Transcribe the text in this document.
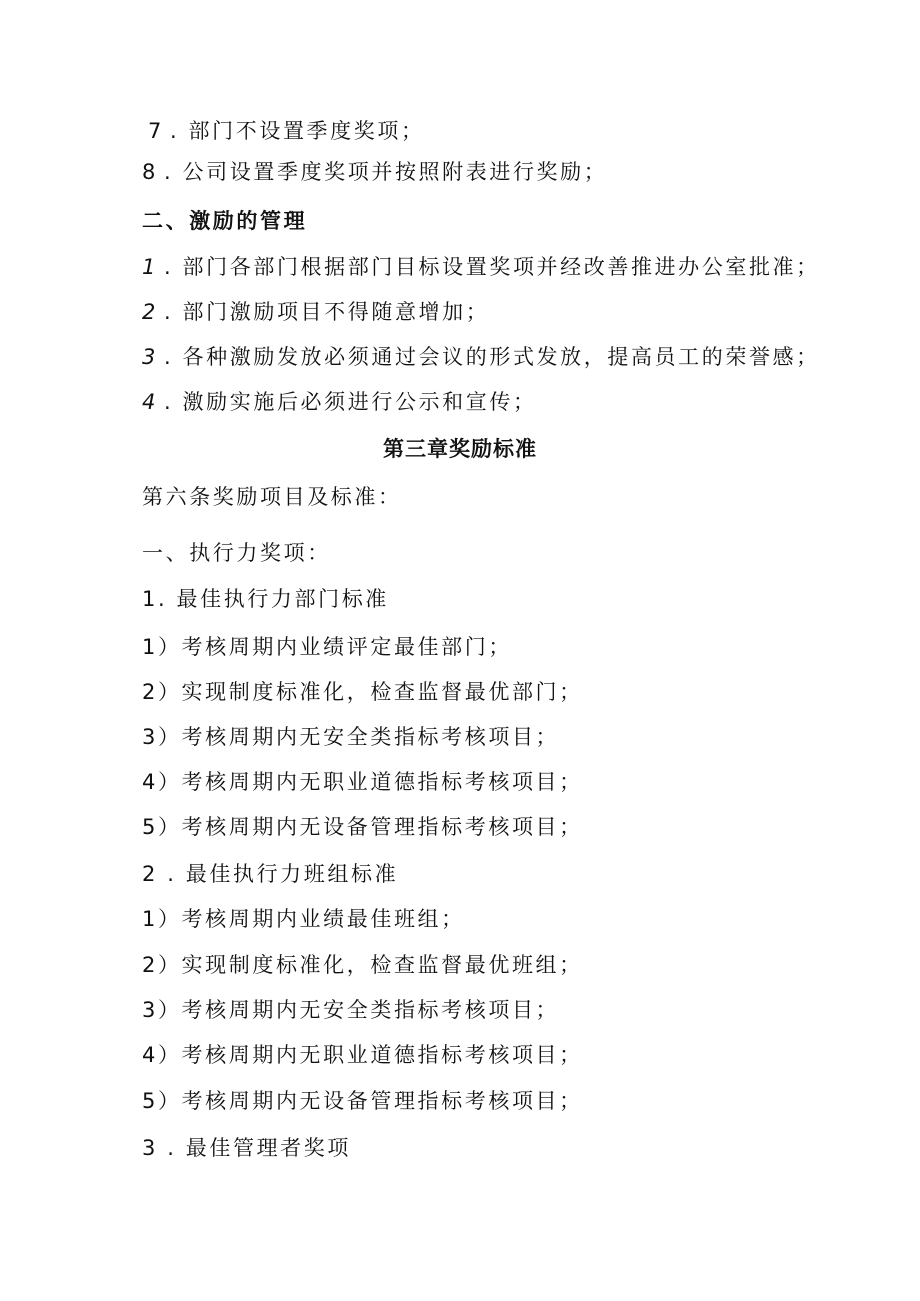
7 . 部门不设置季度奖项；
8 . 公司设置季度奖项并按照附表进行奖励；
二、激励的管理
1 . 部门各部门根据部门目标设置奖项并经改善推进办公室批准；
2 . 部门激励项目不得随意增加；
3 . 各种激励发放必须通过会议的形式发放，提高员工的荣誉感；
4 . 激励实施后必须进行公示和宣传；
第三章奖励标准
第六条奖励项目及标准：
一、执行力奖项：
1. 最佳执行力部门标准
1）考核周期内业绩评定最佳部门；
2）实现制度标准化，检查监督最优部门；
3）考核周期内无安全类指标考核项目；
4）考核周期内无职业道德指标考核项目；
5）考核周期内无设备管理指标考核项目；
2 . 最佳执行力班组标准
1）考核周期内业绩最佳班组；
2）实现制度标准化，检查监督最优班组；
3）考核周期内无安全类指标考核项目；
4）考核周期内无职业道德指标考核项目；
5）考核周期内无设备管理指标考核项目；
3 . 最佳管理者奖项
